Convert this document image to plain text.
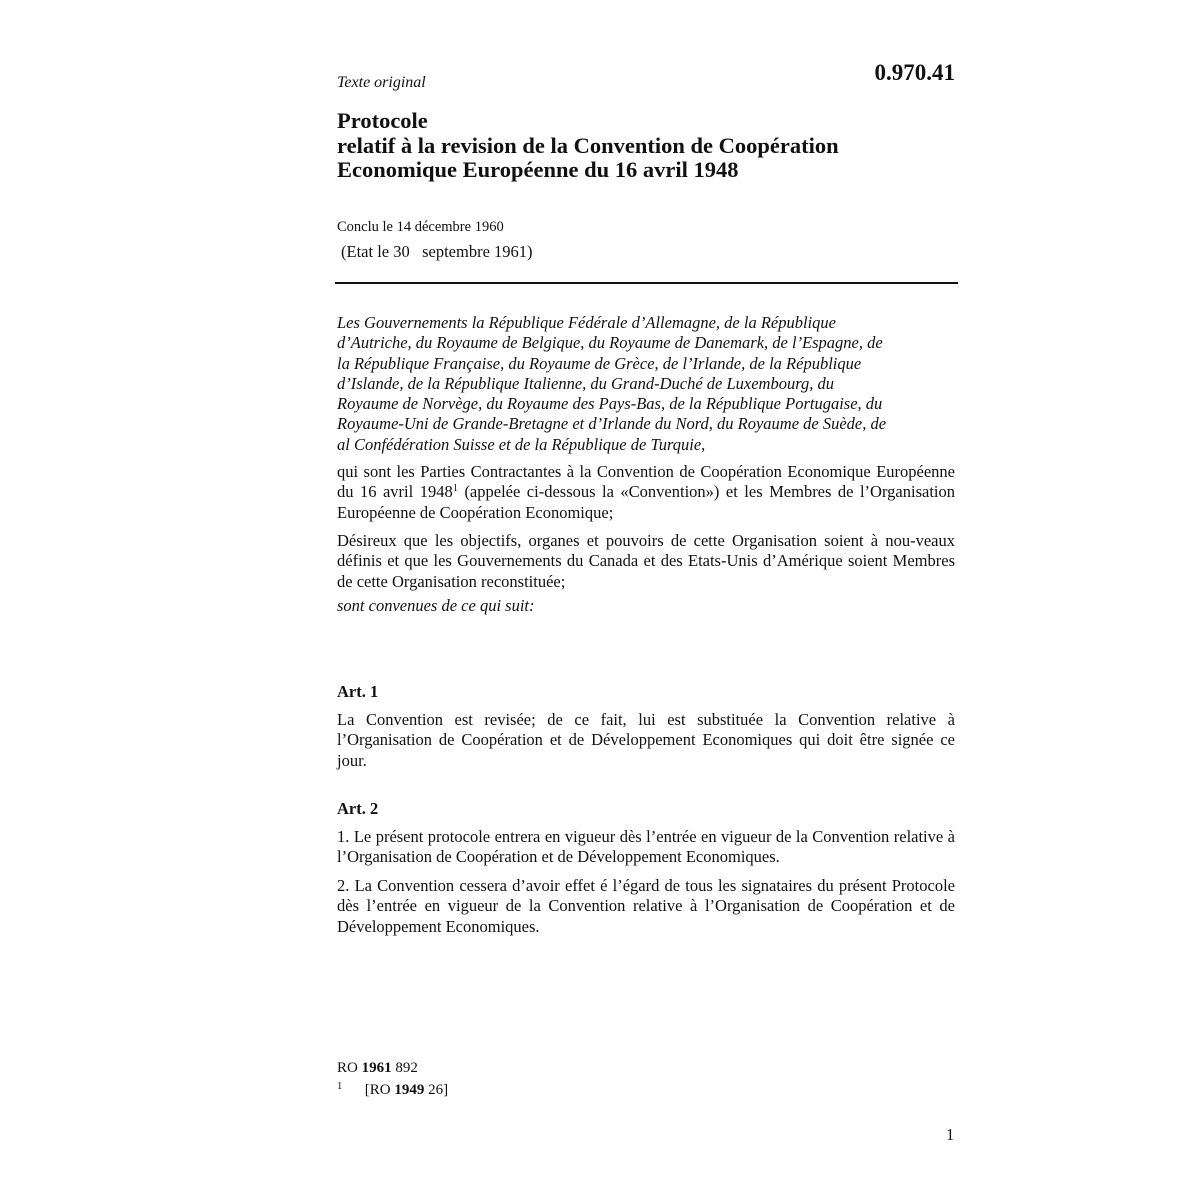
Texte original	0.970.41
Protocole
relatif à la revision de la Convention de Coopération
Economique Européenne du 16 avril 1948
Conclu le 14 décembre 1960
(Etat le 30   septembre 1961)
Les Gouvernements la République Fédérale d’Allemagne, de la République
d’Autriche, du Royaume de Belgique, du Royaume de Danemark, de l’Espagne, de
la République Française, du Royaume de Grèce, de l’Irlande, de la République
d’Islande, de la République Italienne, du Grand-Duché de Luxembourg, du
Royaume de Norvège, du Royaume des Pays-Bas, de la République Portugaise, du
Royaume-Uni de Grande-Bretagne et d’Irlande du Nord, du Royaume de Suède, de
al Confédération Suisse et de la République de Turquie,
qui sont les Parties Contractantes à la Convention de Coopération Economique Européenne du 16 avril 1948$^1$ (appelée ci-dessous la «Convention») et les Membres de l’Organisation Européenne de Coopération Economique;
Désireux que les objectifs, organes et pouvoirs de cette Organisation soient à nou-veaux définis et que les Gouvernements du Canada et des Etats-Unis d’Amérique soient Membres de cette Organisation reconstituée;
sont convenues de ce qui suit:
Art. 1
La Convention est revisée; de ce fait, lui est substituée la Convention relative à l’Organisation de Coopération et de Développement Economiques qui doit être signée ce jour.
Art. 2
1. Le présent protocole entrera en vigueur dès l’entrée en vigueur de la Convention relative à l’Organisation de Coopération et de Développement Economiques.
2. La Convention cessera d’avoir effet é l’égard de tous les signataires du présent Protocole dès l’entrée en vigueur de la Convention relative à l’Organisation de Coopération et de Développement Economiques.
RO 1961 892
$^1$ [RO 1949 26]
1
